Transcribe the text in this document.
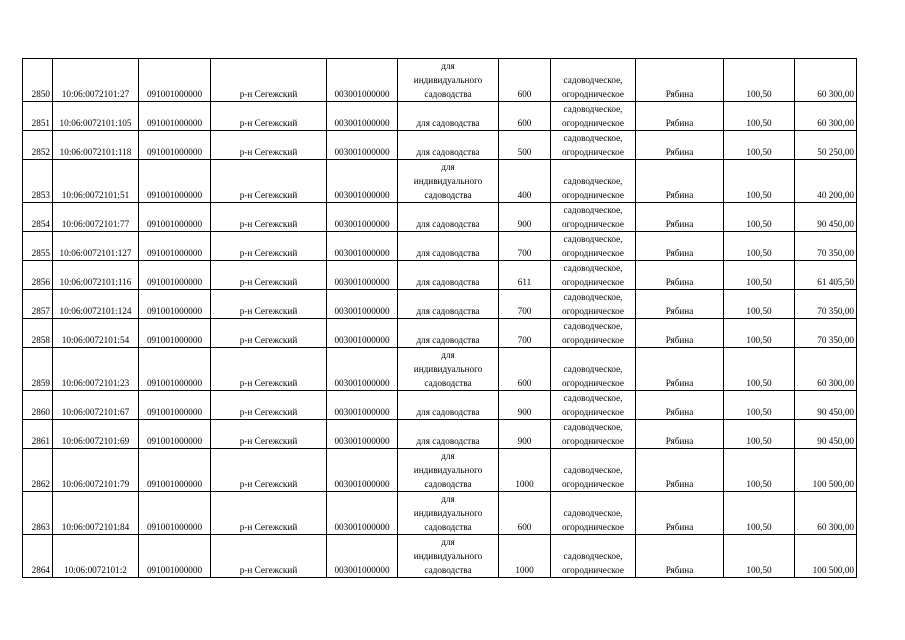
2850	10:06:0072101:27	091001000000	р-н Сегежский	003001000000	для
индивидуального
садоводства	600	садоводческое,
огородническое	Рябина	100,50	60 300,00
2851	10:06:0072101:105	091001000000	р-н Сегежский	003001000000	для садоводства	600	садоводческое,
огородническое	Рябина	100,50	60 300,00
2852	10:06:0072101:118	091001000000	р-н Сегежский	003001000000	для садоводства	500	садоводческое,
огородническое	Рябина	100,50	50 250,00
2853	10:06:0072101:51	091001000000	р-н Сегежский	003001000000	для
индивидуального
садоводства	400	садоводческое,
огородническое	Рябина	100,50	40 200,00
2854	10:06:0072101:77	091001000000	р-н Сегежский	003001000000	для садоводства	900	садоводческое,
огородническое	Рябина	100,50	90 450,00
2855	10:06:0072101:127	091001000000	р-н Сегежский	003001000000	для садоводства	700	садоводческое,
огородническое	Рябина	100,50	70 350,00
2856	10:06:0072101:116	091001000000	р-н Сегежский	003001000000	для садоводства	611	садоводческое,
огородническое	Рябина	100,50	61 405,50
2857	10:06:0072101:124	091001000000	р-н Сегежский	003001000000	для садоводства	700	садоводческое,
огородническое	Рябина	100,50	70 350,00
2858	10:06:0072101:54	091001000000	р-н Сегежский	003001000000	для садоводства	700	садоводческое,
огородническое	Рябина	100,50	70 350,00
2859	10:06:0072101:23	091001000000	р-н Сегежский	003001000000	для
индивидуального
садоводства	600	садоводческое,
огородническое	Рябина	100,50	60 300,00
2860	10:06:0072101:67	091001000000	р-н Сегежский	003001000000	для садоводства	900	садоводческое,
огородническое	Рябина	100,50	90 450,00
2861	10:06:0072101:69	091001000000	р-н Сегежский	003001000000	для садоводства	900	садоводческое,
огородническое	Рябина	100,50	90 450,00
2862	10:06:0072101:79	091001000000	р-н Сегежский	003001000000	для
индивидуального
садоводства	1000	садоводческое,
огородническое	Рябина	100,50	100 500,00
2863	10:06:0072101:84	091001000000	р-н Сегежский	003001000000	для
индивидуального
садоводства	600	садоводческое,
огородническое	Рябина	100,50	60 300,00
2864	10:06:0072101:2	091001000000	р-н Сегежский	003001000000	для
индивидуального
садоводства	1000	садоводческое,
огородническое	Рябина	100,50	100 500,00
